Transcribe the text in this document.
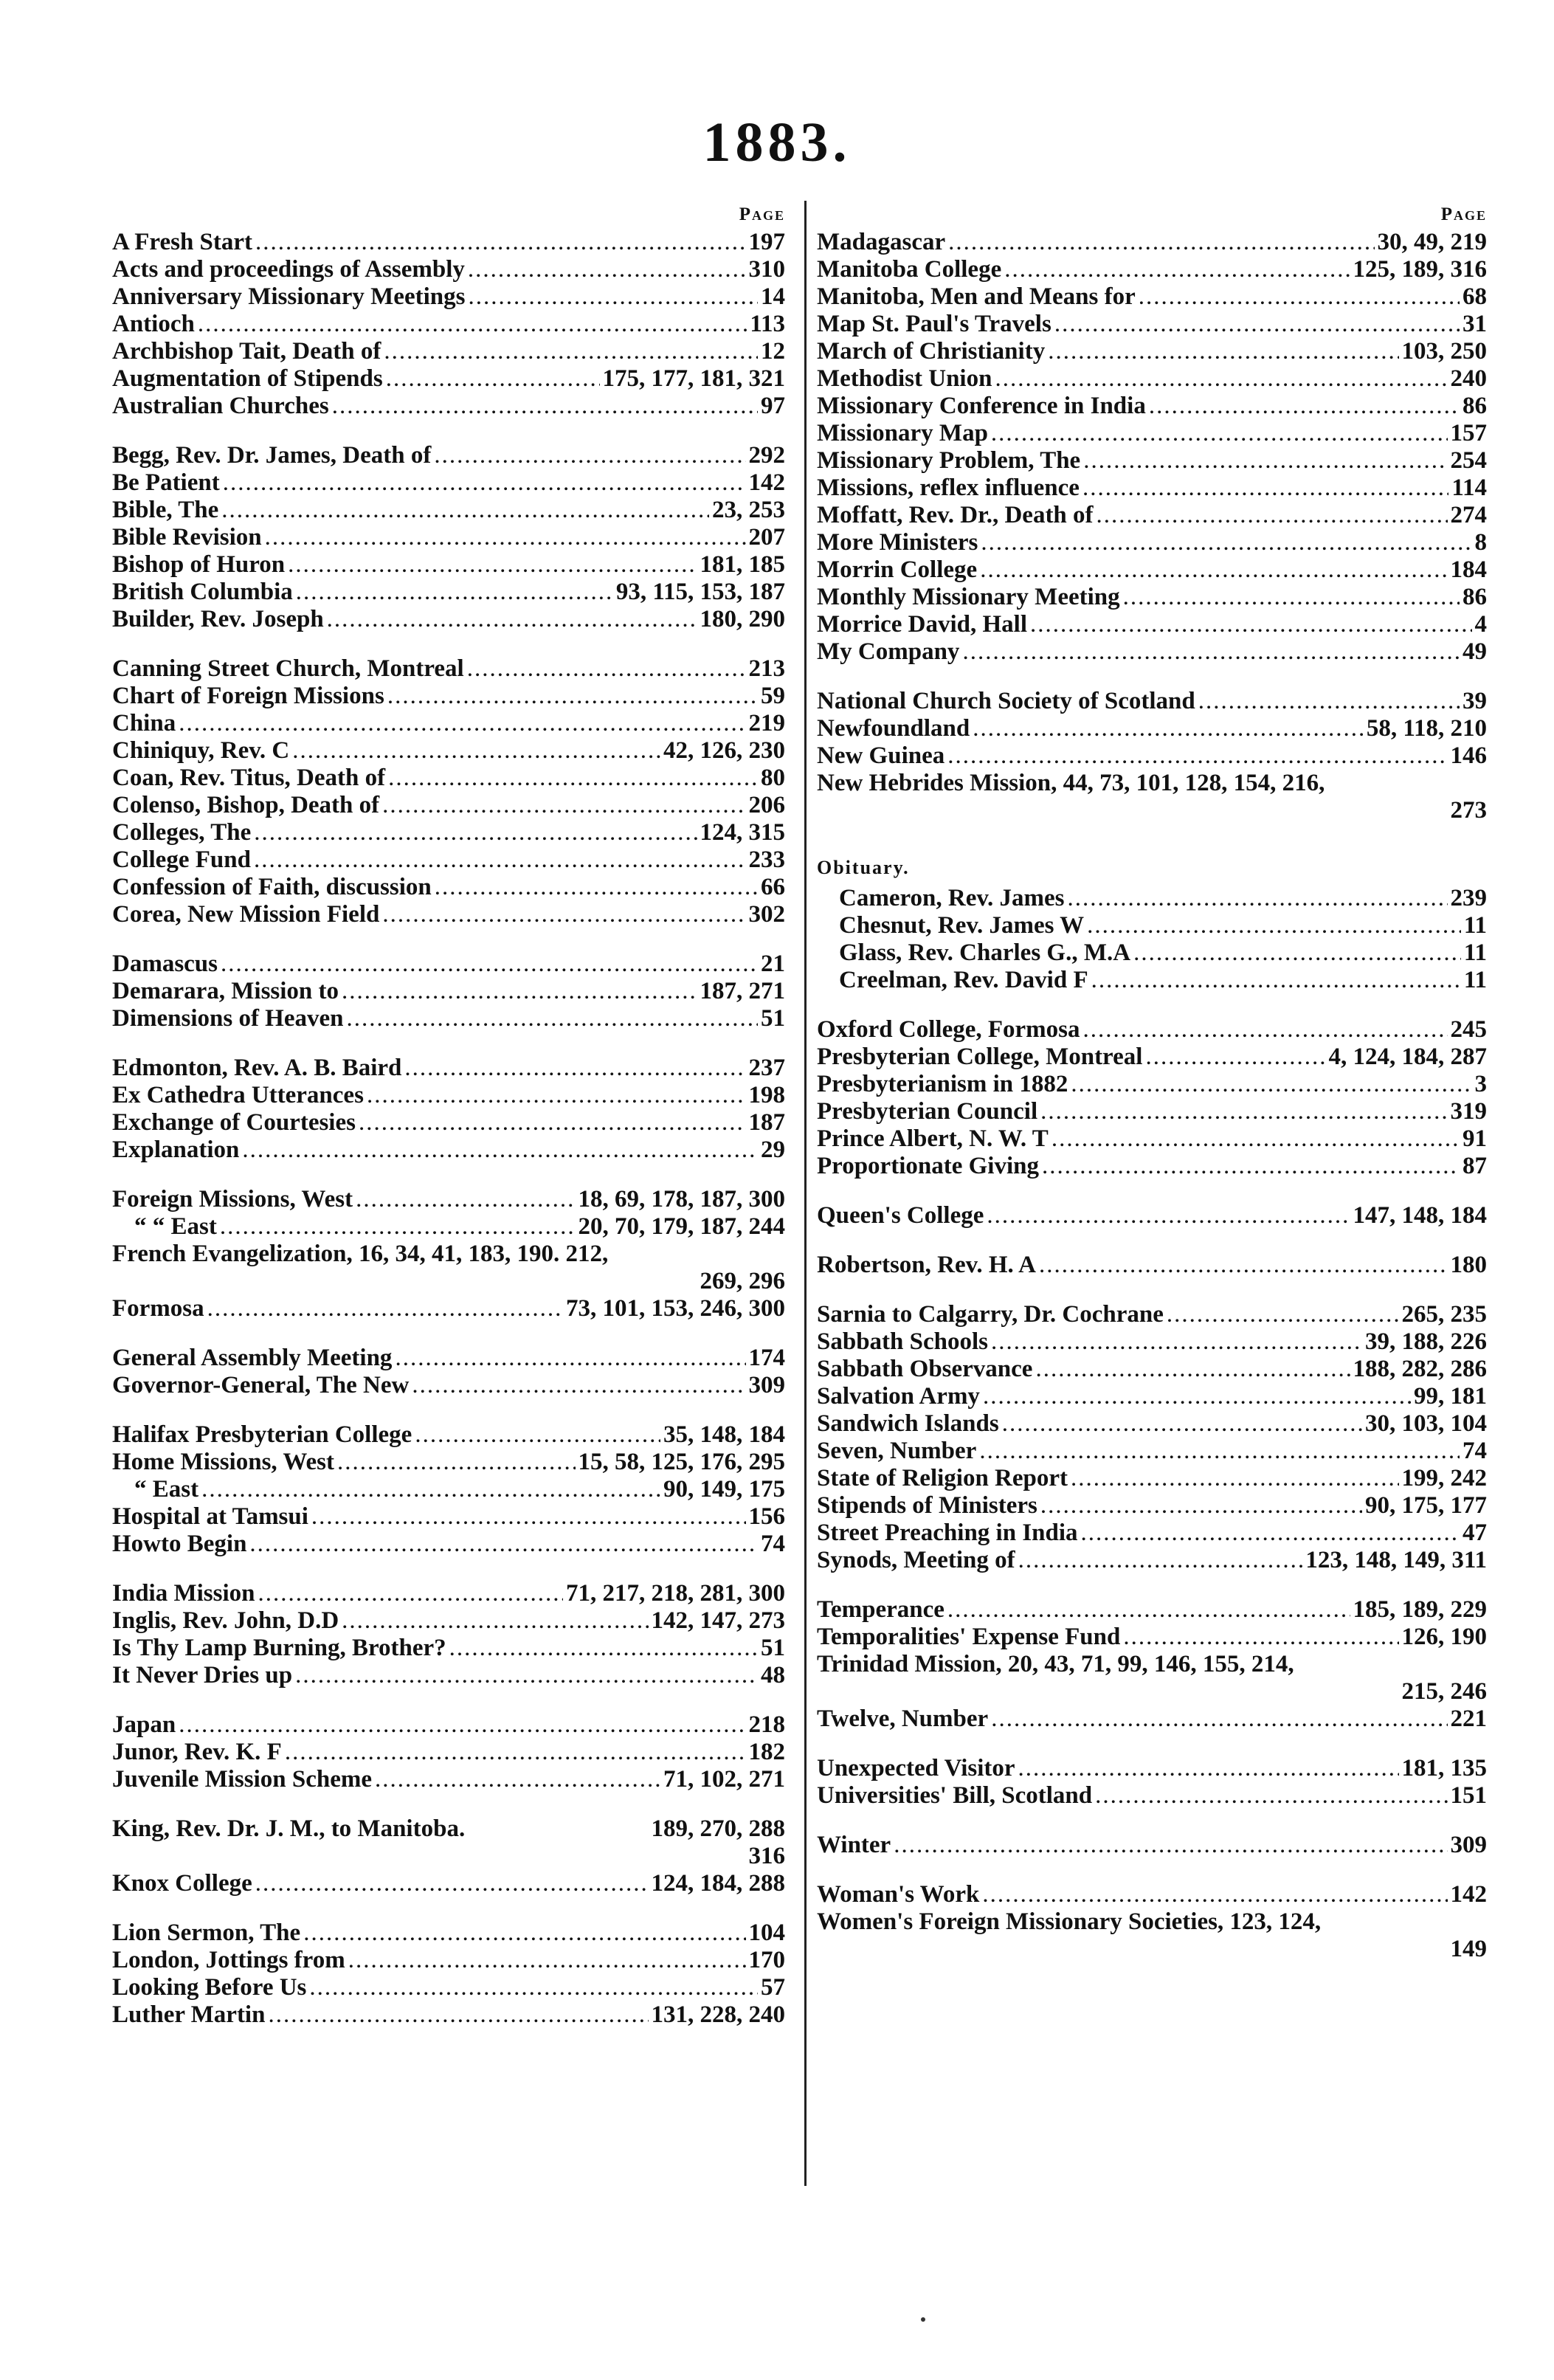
1883.
Page
A Fresh Start .....	197
Acts and proceedings of Assembly .....	310
Anniversary Missionary Meetings .....	14
Antioch .....	113
Archbishop Tait, Death of .....	12
Augmentation of Stipends .....	175, 177, 181, 321
Australian Churches .....	97
Begg, Rev. Dr. James, Death of .....	292
Be Patient .....	142
Bible, The .....	23, 253
Bible Revision .....	207
Bishop of Huron .....	181, 185
British Columbia .....	93, 115, 153, 187
Builder, Rev. Joseph .....	180, 290
Canning Street Church, Montreal .....	213
Chart of Foreign Missions .....	59
China .....	219
Chiniquy, Rev. C .....	42, 126, 230
Coan, Rev. Titus, Death of .....	80
Colenso, Bishop, Death of .....	206
Colleges, The .....	124, 315
College Fund .....	233
Confession of Faith, discussion .....	66
Corea, New Mission Field .....	302
Damascus .....	21
Demarara, Mission to .....	187, 271
Dimensions of Heaven .....	51
Edmonton, Rev. A. B. Baird .....	237
Ex Cathedra Utterances .....	198
Exchange of Courtesies .....	187
Explanation .....	29
Foreign Missions, West .....	18, 69, 178, 187, 300
“ “ East .....	20, 70, 179, 187, 244
French Evangelization, 16, 34, 41, 183, 190. 212,
269, 296
Formosa .....	73, 101, 153, 246, 300
General Assembly Meeting .....	174
Governor-General, The New .....	309
Halifax Presbyterian College .....	35, 148, 184
Home Missions, West .....	15, 58, 125, 176, 295
“ East .....	90, 149, 175
Hospital at Tamsui .....	156
Howto Begin .....	74
India Mission .....	71, 217, 218, 281, 300
Inglis, Rev. John, D.D .....	142, 147, 273
Is Thy Lamp Burning, Brother? .....	51
It Never Dries up .....	48
Japan .....	218
Junor, Rev. K. F .....	182
Juvenile Mission Scheme .....	71, 102, 271
King, Rev. Dr. J. M., to Manitoba.	189, 270, 288
316
Knox College .....	124, 184, 288
Lion Sermon, The .....	104
London, Jottings from .....	170
Looking Before Us .....	57
Luther Martin .....	131, 228, 240
Page
Madagascar .....	30, 49, 219
Manitoba College .....	125, 189, 316
Manitoba, Men and Means for .....	68
Map St. Paul's Travels .....	31
March of Christianity .....	103, 250
Methodist Union .....	240
Missionary Conference in India .....	86
Missionary Map .....	157
Missionary Problem, The .....	254
Missions, reflex influence .....	114
Moffatt, Rev. Dr., Death of .....	274
More Ministers .....	8
Morrin College .....	184
Monthly Missionary Meeting .....	86
Morrice David, Hall .....	4
My Company .....	49
National Church Society of Scotland .....	39
Newfoundland .....	58, 118, 210
New Guinea .....	146
New Hebrides Mission, 44, 73, 101, 128, 154, 216,
273
Obituary.
Cameron, Rev. James .....	239
Chesnut, Rev. James W .....	11
Glass, Rev. Charles G., M.A .....	11
Creelman, Rev. David F .....	11
Oxford College, Formosa .....	245
Presbyterian College, Montreal .....	4, 124, 184, 287
Presbyterianism in 1882 .....	3
Presbyterian Council .....	319
Prince Albert, N. W. T .....	91
Proportionate Giving .....	87
Queen's College .....	147, 148, 184
Robertson, Rev. H. A .....	180
Sarnia to Calgarry, Dr. Cochrane .....	265, 235
Sabbath Schools .....	39, 188, 226
Sabbath Observance .....	188, 282, 286
Salvation Army .....	99, 181
Sandwich Islands .....	30, 103, 104
Seven, Number .....	74
State of Religion Report .....	199, 242
Stipends of Ministers .....	90, 175, 177
Street Preaching in India .....	47
Synods, Meeting of .....	123, 148, 149, 311
Temperance .....	185, 189, 229
Temporalities' Expense Fund .....	126, 190
Trinidad Mission, 20, 43, 71, 99, 146, 155, 214,
215, 246
Twelve, Number .....	221
Unexpected Visitor .....	181, 135
Universities' Bill, Scotland .....	151
Winter .....	309
Woman's Work .....	142
Women's Foreign Missionary Societies, 123, 124,
149
